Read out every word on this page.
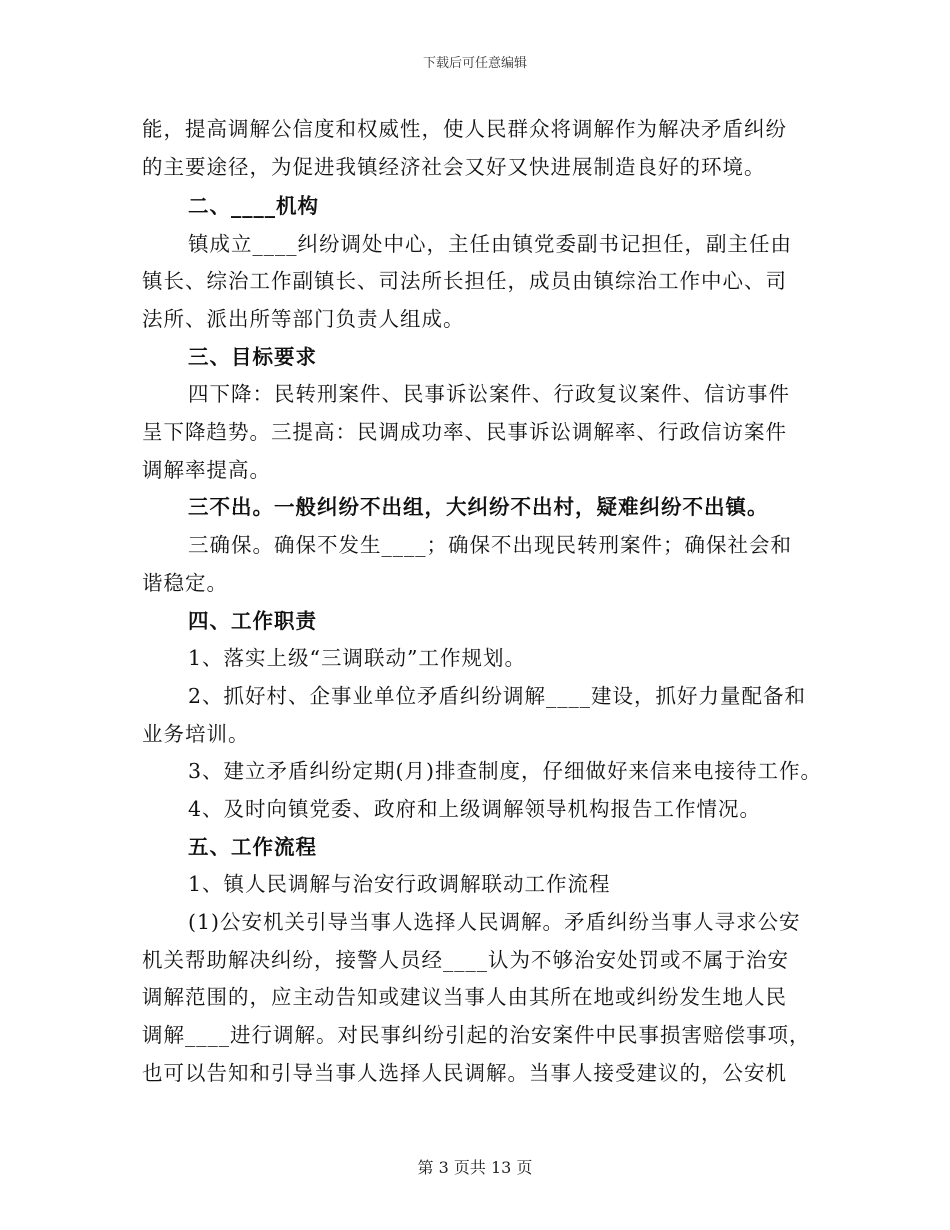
下载后可任意编辑
能，提高调解公信度和权威性，使人民群众将调解作为解决矛盾纠纷
的主要途径，为促进我镇经济社会又好又快进展制造良好的环境。
二、____机构
镇成立____纠纷调处中心，主任由镇党委副书记担任，副主任由
镇长、综治工作副镇长、司法所长担任，成员由镇综治工作中心、司
法所、派出所等部门负责人组成。
三、目标要求
四下降：民转刑案件、民事诉讼案件、行政复议案件、信访事件
呈下降趋势。三提高：民调成功率、民事诉讼调解率、行政信访案件
调解率提高。
三不出。一般纠纷不出组，大纠纷不出村，疑难纠纷不出镇。
三确保。确保不发生____；确保不出现民转刑案件；确保社会和
谐稳定。
四、工作职责
1、落实上级“三调联动”工作规划。
2、抓好村、企事业单位矛盾纠纷调解____建设，抓好力量配备和
业务培训。
3、建立矛盾纠纷定期(月)排查制度，仔细做好来信来电接待工作。
4、及时向镇党委、政府和上级调解领导机构报告工作情况。
五、工作流程
1、镇人民调解与治安行政调解联动工作流程
(1)公安机关引导当事人选择人民调解。矛盾纠纷当事人寻求公安
机关帮助解决纠纷，接警人员经____认为不够治安处罚或不属于治安
调解范围的，应主动告知或建议当事人由其所在地或纠纷发生地人民
调解____进行调解。对民事纠纷引起的治安案件中民事损害赔偿事项，
也可以告知和引导当事人选择人民调解。当事人接受建议的，公安机
第 3 页共 13 页
